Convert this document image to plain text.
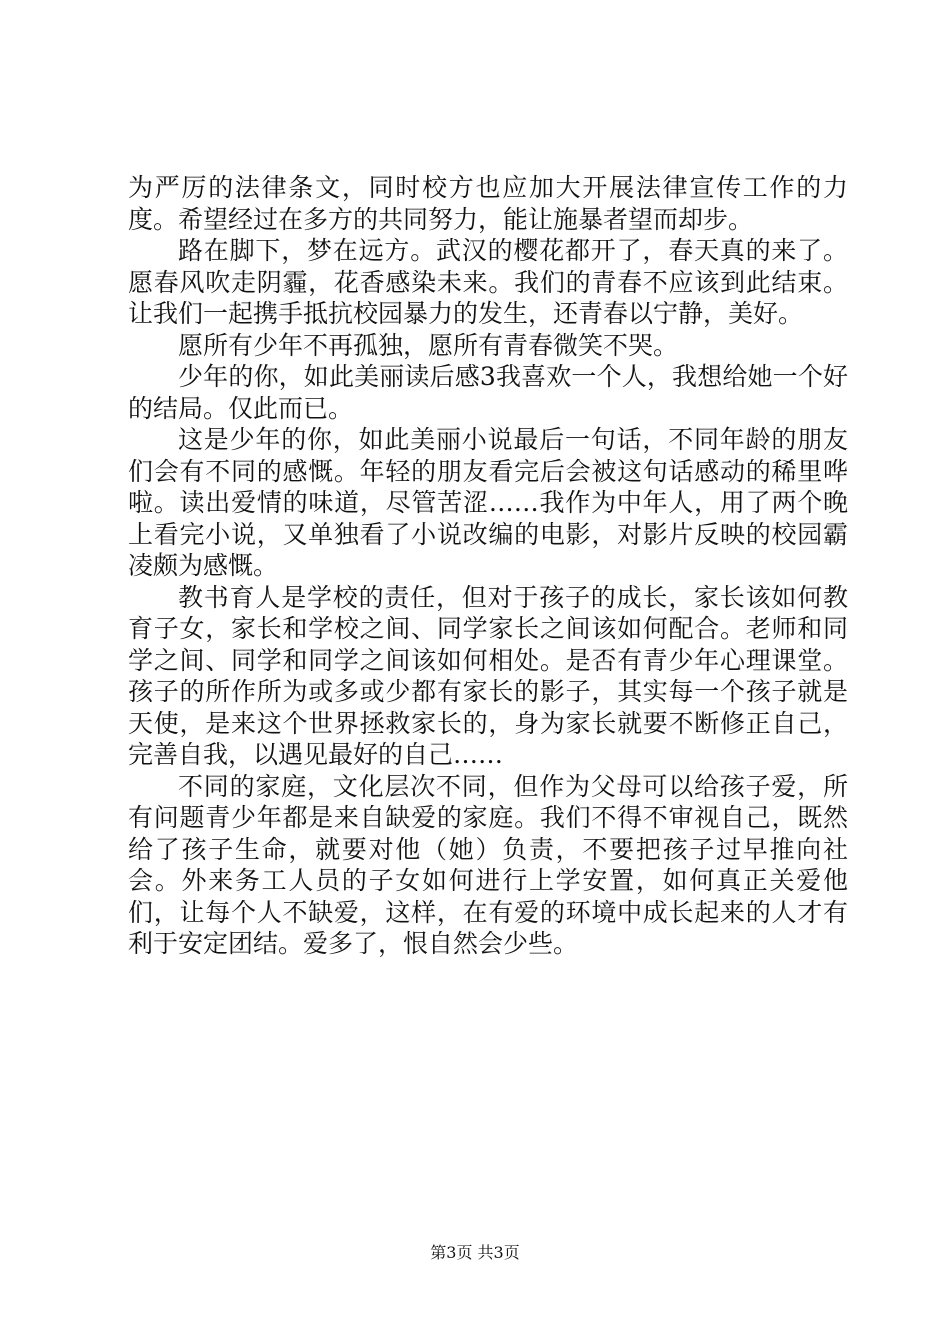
为严厉的法律条文，同时校方也应加大开展法律宣传工作的力度。希望经过在多方的共同努力，能让施暴者望而却步。

路在脚下，梦在远方。武汉的樱花都开了，春天真的来了。愿春风吹走阴霾，花香感染未来。我们的青春不应该到此结束。让我们一起携手抵抗校园暴力的发生，还青春以宁静，美好。

愿所有少年不再孤独，愿所有青春微笑不哭。

少年的你，如此美丽读后感3我喜欢一个人，我想给她一个好的结局。仅此而已。

这是少年的你，如此美丽小说最后一句话，不同年龄的朋友们会有不同的感慨。年轻的朋友看完后会被这句话感动的稀里哗啦。读出爱情的味道，尽管苦涩……我作为中年人，用了两个晚上看完小说，又单独看了小说改编的电影，对影片反映的校园霸凌颇为感慨。

教书育人是学校的责任，但对于孩子的成长，家长该如何教育子女，家长和学校之间、同学家长之间该如何配合。老师和同学之间、同学和同学之间该如何相处。是否有青少年心理课堂。孩子的所作所为或多或少都有家长的影子，其实每一个孩子就是天使，是来这个世界拯救家长的，身为家长就要不断修正自己，完善自我，以遇见最好的自己……

不同的家庭，文化层次不同，但作为父母可以给孩子爱，所有问题青少年都是来自缺爱的家庭。我们不得不审视自己，既然给了孩子生命，就要对他（她）负责，不要把孩子过早推向社会。外来务工人员的子女如何进行上学安置，如何真正关爱他们，让每个人不缺爱，这样，在有爱的环境中成长起来的人才有利于安定团结。爱多了，恨自然会少些。

第3页 共3页
